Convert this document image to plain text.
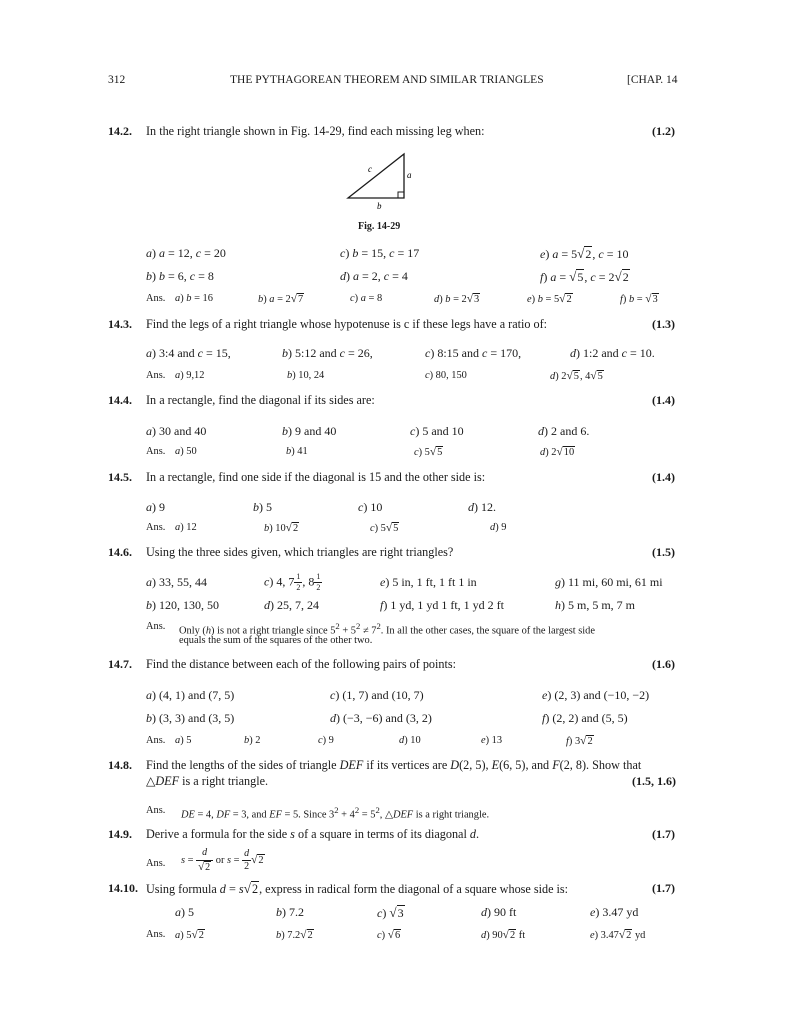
312	THE PYTHAGOREAN THEOREM AND SIMILAR TRIANGLES	[CHAP. 14
14.2. In the right triangle shown in Fig. 14-29, find each missing leg when:	(1.2)
c
a
b
Fig. 14-29
a) a = 12, c = 20	c) b = 15, c = 17	e) a = 5√2, c = 10
b) b = 6, c = 8	d) a = 2, c = 4	f) a = √5, c = 2√2
Ans. a) b = 16	b) a = 2√7	c) a = 8	d) b = 2√3	e) b = 5√2	f) b = √3
14.3. Find the legs of a right triangle whose hypotenuse is c if these legs have a ratio of:	(1.3)
a) 3:4 and c = 15,	b) 5:12 and c = 26,	c) 8:15 and c = 170,	d) 1:2 and c = 10.
Ans. a) 9,12	b) 10, 24	c) 80, 150	d) 2√5, 4√5
14.4. In a rectangle, find the diagonal if its sides are:	(1.4)
a) 30 and 40	b) 9 and 40	c) 5 and 10	d) 2 and 6.
Ans. a) 50	b) 41	c) 5√5	d) 2√10
14.5. In a rectangle, find one side if the diagonal is 15 and the other side is:	(1.4)
a) 9	b) 5	c) 10	d) 12.
Ans. a) 12	b) 10√2	c) 5√5	d) 9
14.6. Using the three sides given, which triangles are right triangles?	(1.5)
a) 33, 55, 44	c) 4, $7 \frac{1}{2}$ , $8 \frac{1}{2}$	e) 5 in, 1 ft, 1 ft 1 in	g) 11 mi, 60 mi, 61 mi
b) 120, 130, 50	d) 25, 7, 24	f) 1 yd, 1 yd 1 ft, 1 yd 2 ft	h) 5 m, 5 m, 7 m
Ans. Only (h) is not a right triangle since $5^2 + 5^2 \ne 7^2$. In all the other cases, the square of the largest side
equals the sum of the squares of the other two.
14.7. Find the distance between each of the following pairs of points:	(1.6)
a) (4, 1) and (7, 5)	c) (1, 7) and (10, 7)	e) (2, 3) and (−10, −2)
b) (3, 3) and (3, 5)	d) (−3, −6) and (3, 2)	f) (2, 2) and (5, 5)
Ans. a) 5	b) 2	c) 9	d) 10	e) 13	f) 3√2
14.8. Find the lengths of the sides of triangle DEF if its vertices are D(2, 5), E(6, 5), and F(2, 8). Show that
△DEF is a right triangle.	(1.5, 1.6)
Ans. DE = 4, DF = 3, and EF = 5. Since $3^2 + 4^2 = 5^2$, △DEF is a right triangle.
14.9. Derive a formula for the side s of a square in terms of its diagonal d.	(1.7)
Ans. $s = \frac{d}{√2}$ or $s = \frac{d}{2} √2$
14.10. Using formula d = s√2, express in radical form the diagonal of a square whose side is:	(1.7)
a) 5	b) 7.2	c) √3	d) 90 ft	e) 3.47 yd
Ans. a) 5√2	b) 7.2√2	c) √6	d) 90√2 ft	e) 3.47√2 yd
